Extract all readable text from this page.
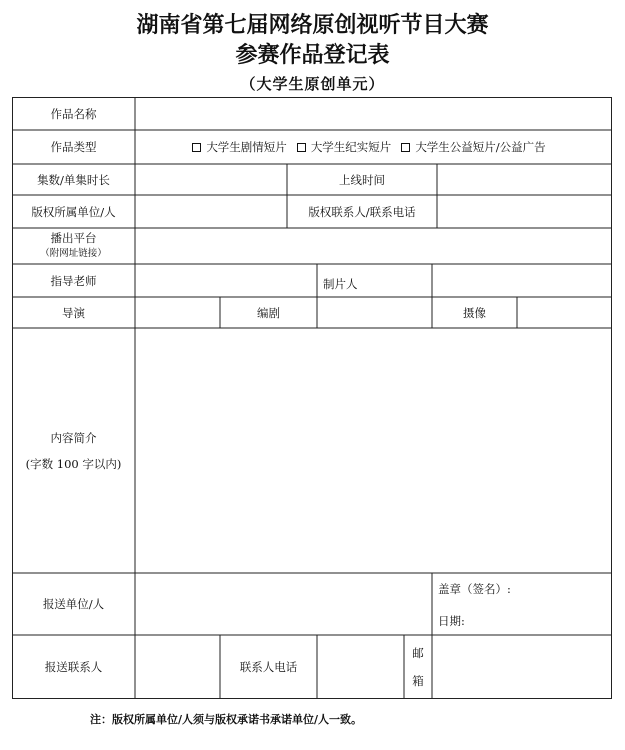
湖南省第七届网络原创视听节目大赛
参赛作品登记表
（大学生原创单元）
作品名称
作品类型	大学生剧情短片 大学生纪实短片 大学生公益短片/公益广告
集数/单集时长	上线时间
版权所属单位/人	版权联系人/联系电话
播出平台
（附网址链接）
指导老师	制片人
导演	编剧	摄像
内容简介
(字数 100 字以内)
报送单位/人
盖章（签名）:
日期:
报送联系人	联系人电话
邮
箱
注：版权所属单位/人须与版权承诺书承诺单位/人一致。
